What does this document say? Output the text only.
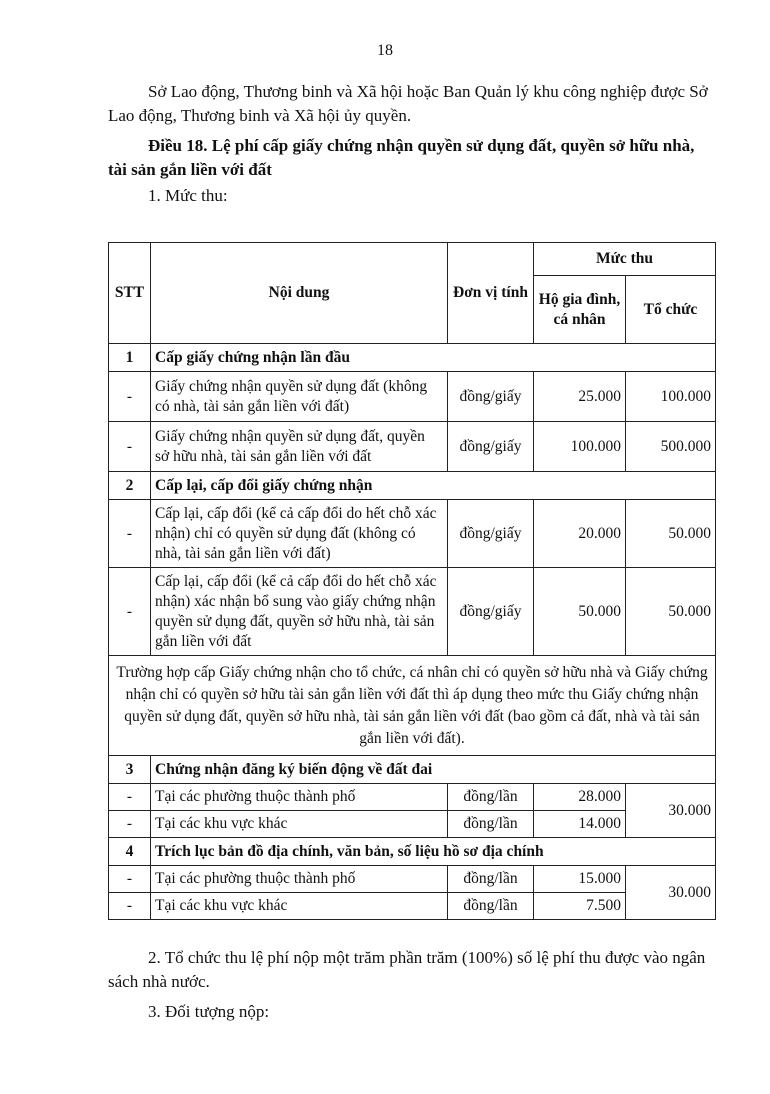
18
Sở Lao động, Thương binh và Xã hội hoặc Ban Quản lý khu công nghiệp được Sở Lao động, Thương binh và Xã hội ủy quyền.
Điều 18. Lệ phí cấp giấy chứng nhận quyền sử dụng đất, quyền sở hữu nhà, tài sản gắn liền với đất
1. Mức thu:
STT	Nội dung	Đơn vị tính	Mức thu	
			Hộ gia đình, cá nhân	Tổ chức
1	Cấp giấy chứng nhận lần đầu			
-	Giấy chứng nhận quyền sử dụng đất (không có nhà, tài sản gắn liền với đất)	đồng/giấy	25.000	100.000
-	Giấy chứng nhận quyền sử dụng đất, quyền sở hữu nhà, tài sản gắn liền với đất	đồng/giấy	100.000	500.000
2	Cấp lại, cấp đổi giấy chứng nhận			
-	Cấp lại, cấp đổi (kể cả cấp đổi do hết chỗ xác nhận) chỉ có quyền sử dụng đất (không có nhà, tài sản gắn liền với đất)	đồng/giấy	20.000	50.000
-	Cấp lại, cấp đổi (kể cả cấp đổi do hết chỗ xác nhận) xác nhận bổ sung vào giấy chứng nhận quyền sử dụng đất, quyền sở hữu nhà, tài sản gắn liền với đất	đồng/giấy	50.000	50.000
Trường hợp cấp Giấy chứng nhận cho tổ chức, cá nhân chỉ có quyền sở hữu nhà và Giấy chứng nhận chỉ có quyền sở hữu tài sản gắn liền với đất thì áp dụng theo mức thu Giấy chứng nhận quyền sử dụng đất, quyền sở hữu nhà, tài sản gắn liền với đất (bao gồm cả đất, nhà và tài sản gắn liền với đất).				
3	Chứng nhận đăng ký biến động về đất đai			
-	Tại các phường thuộc thành phố	đồng/lần	28.000	30.000
-	Tại các khu vực khác	đồng/lần	14.000	
4	Trích lục bản đồ địa chính, văn bản, số liệu hồ sơ địa chính			
-	Tại các phường thuộc thành phố	đồng/lần	15.000	30.000
-	Tại các khu vực khác	đồng/lần	7.500	
2. Tổ chức thu lệ phí nộp một trăm phần trăm (100%) số lệ phí thu được vào ngân sách nhà nước.
3. Đối tượng nộp:
